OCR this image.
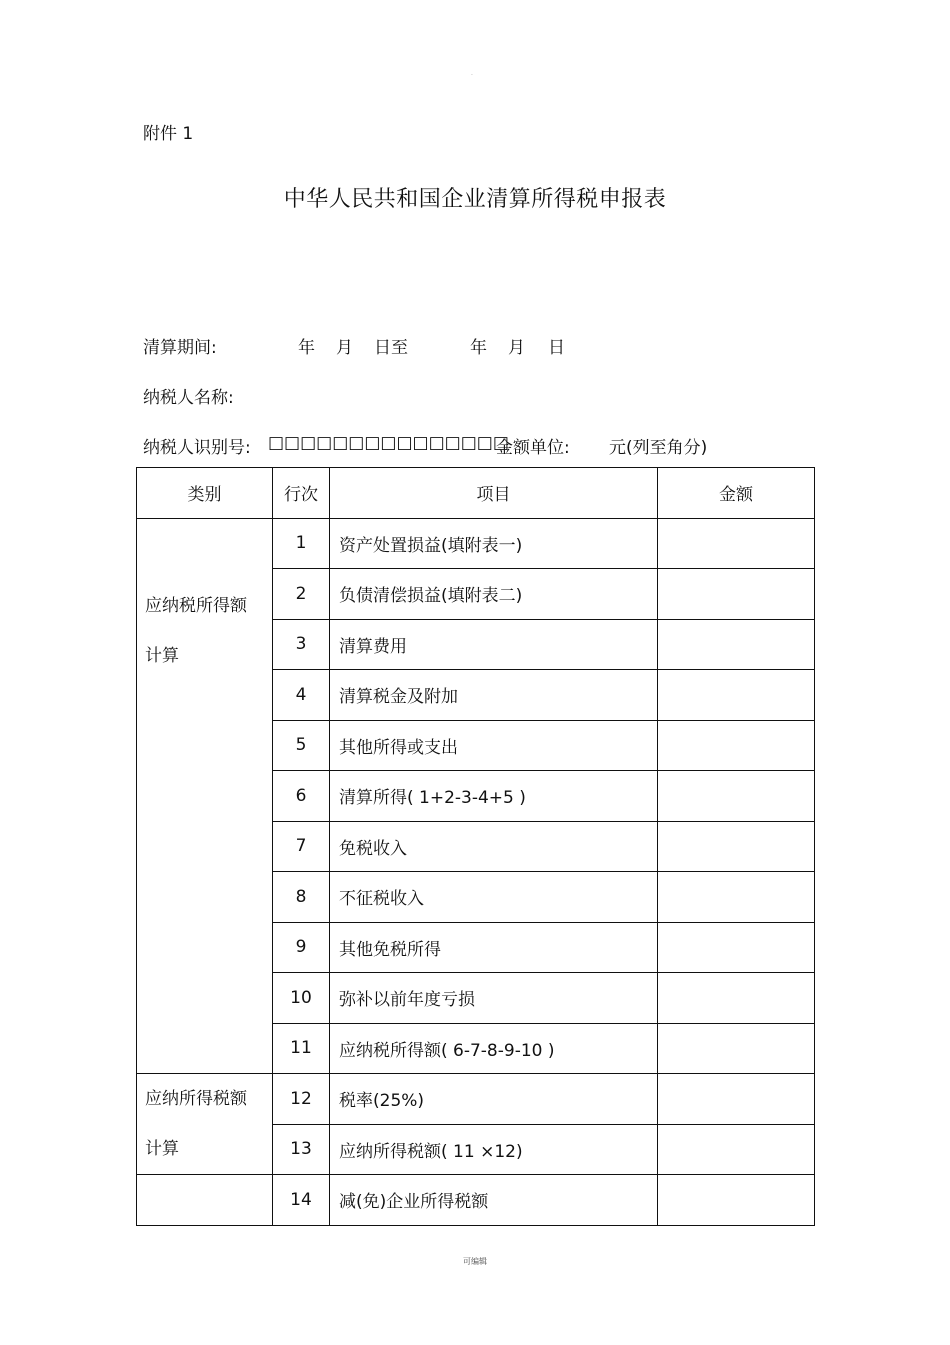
.
附件 1
中华人民共和国企业清算所得税申报表
清算期间:	年 月 日至	年 月 日
纳税人名称:
纳税人识别号: □□□□□□□□□□□□□□□
金额单位: 元(列至角分)
类别	行次	项目	金额

应纳税所得额
计算	1	资产处置损益(填附表一)	
	2	负债清偿损益(填附表二)	
	3	清算费用	
	4	清算税金及附加	
	5	其他所得或支出	
	6	清算所得( 1+2-3-4+5 )	
	7	免税收入	
	8	不征税收入	
	9	其他免税所得	
	10	弥补以前年度亏损	
	11	应纳税所得额( 6-7-8-9-10 )	

应纳所得税额
计算	12	税率(25%)	
	13	应纳所得税额( 11 ×12)	
	14	减(免)企业所得税额	
可编辑
